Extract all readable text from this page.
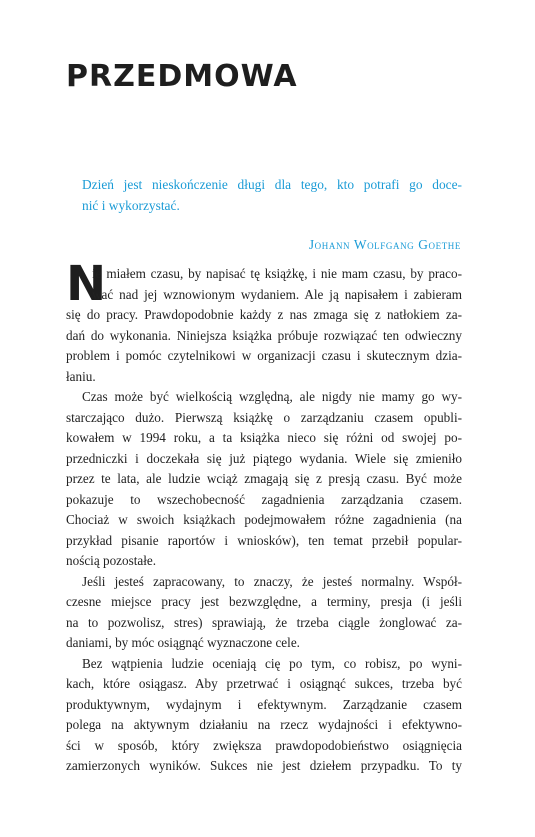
PRZEDMOWA

Dzień jest nieskończenie długi dla tego, kto potrafi go doce-
nić i wykorzystać.

Johann Wolfgang Goethe

N
ie miałem czasu, by napisać tę książkę, i nie mam czasu, by praco-
wać nad jej wznowionym wydaniem. Ale ją napisałem i zabieram
się do pracy. Prawdopodobnie każdy z nas zmaga się z natłokiem za-
dań do wykonania. Niniejsza książka próbuje rozwiązać ten odwieczny
problem i pomóc czytelnikowi w organizacji czasu i skutecznym dzia-
łaniu.
Czas może być wielkością względną, ale nigdy nie mamy go wy-
starczająco dużo. Pierwszą książkę o zarządzaniu czasem opubli-
kowałem w 1994 roku, a ta książka nieco się różni od swojej po-
przedniczki i doczekała się już piątego wydania. Wiele się zmieniło
przez te lata, ale ludzie wciąż zmagają się z presją czasu. Być może
pokazuje to wszechobecność zagadnienia zarządzania czasem.
Chociaż w swoich książkach podejmowałem różne zagadnienia (na
przykład pisanie raportów i wniosków), ten temat przebił popular-
nością pozostałe.
Jeśli jesteś zapracowany, to znaczy, że jesteś normalny. Współ-
czesne miejsce pracy jest bezwzględne, a terminy, presja (i jeśli
na to pozwolisz, stres) sprawiają, że trzeba ciągle żonglować za-
daniami, by móc osiągnąć wyznaczone cele.
Bez wątpienia ludzie oceniają cię po tym, co robisz, po wyni-
kach, które osiągasz. Aby przetrwać i osiągnąć sukces, trzeba być
produktywnym, wydajnym i efektywnym. Zarządzanie czasem
polega na aktywnym działaniu na rzecz wydajności i efektywno-
ści w sposób, który zwiększa prawdopodobieństwo osiągnięcia
zamierzonych wyników. Sukces nie jest dziełem przypadku. To ty
